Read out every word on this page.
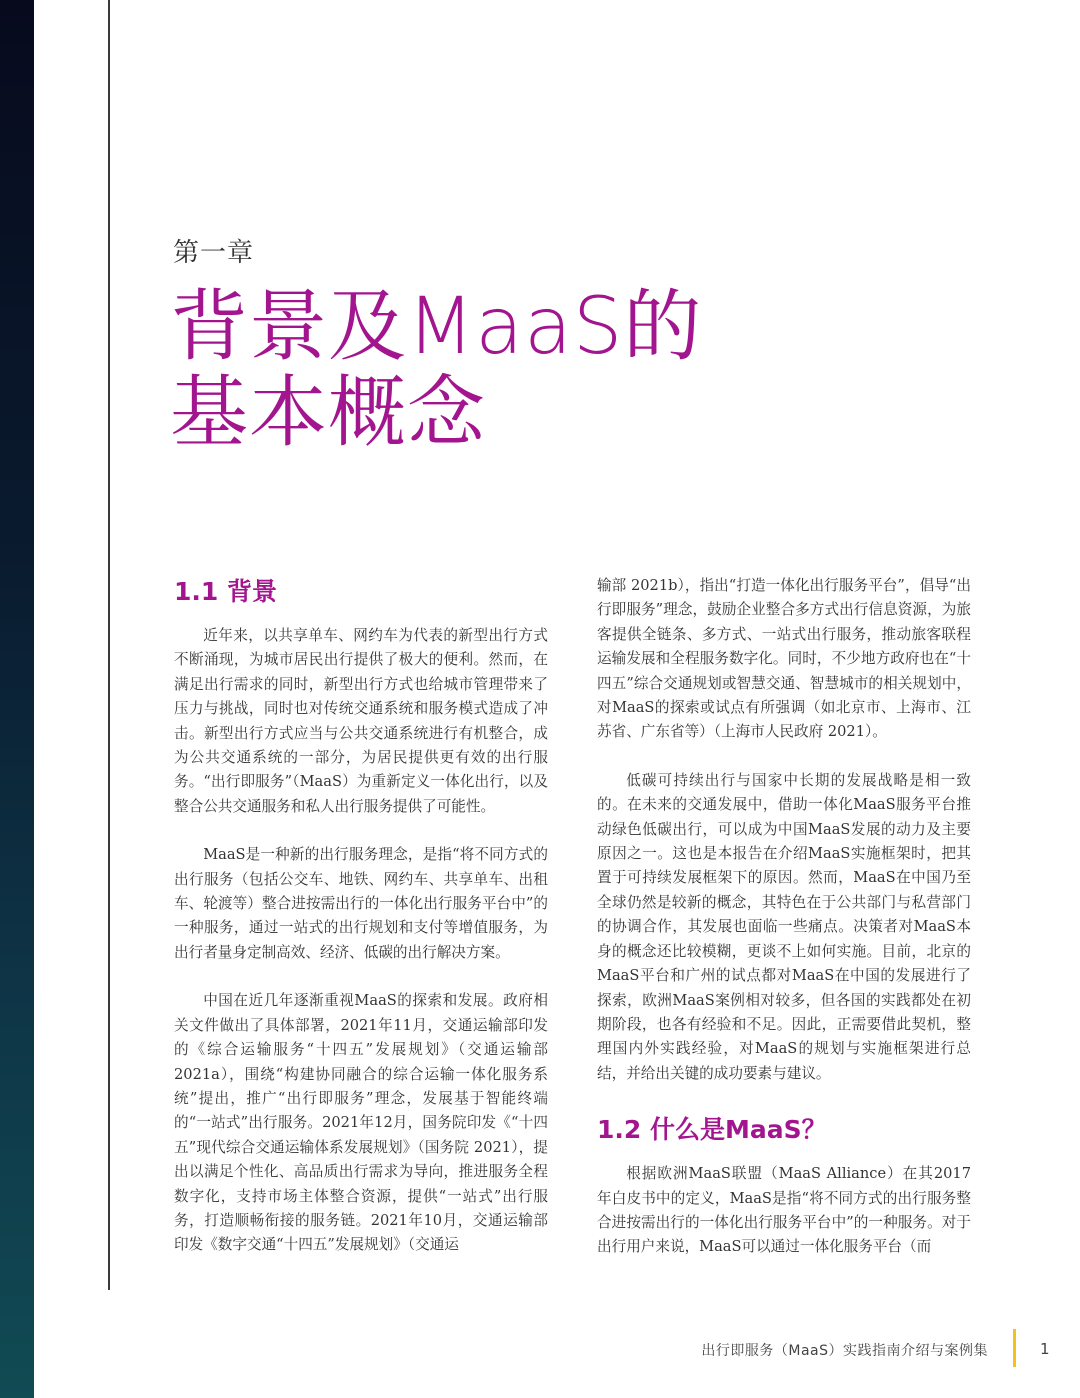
第一章
背景及MaaS的
基本概念
1.1 背景

近年来，以共享单车、网约车为代表的新型出行方式不断涌现，为城市居民出行提供了极大的便利。然而，在满足出行需求的同时，新型出行方式也给城市管理带来了压力与挑战，同时也对传统交通系统和服务模式造成了冲击。新型出行方式应当与公共交通系统进行有机整合，成为公共交通系统的一部分，为居民提供更有效的出行服务。“出行即服务”（MaaS）为重新定义一体化出行，以及整合公共交通服务和私人出行服务提供了可能性。

MaaS是一种新的出行服务理念，是指“将不同方式的出行服务（包括公交车、地铁、网约车、共享单车、出租车、轮渡等）整合进按需出行的一体化出行服务平台中”的一种服务，通过一站式的出行规划和支付等增值服务，为出行者量身定制高效、经济、低碳的出行解决方案。

中国在近几年逐渐重视MaaS的探索和发展。政府相关文件做出了具体部署，2021年11月，交通运输部印发的《综合运输服务“十四五”发展规划》（交通运输部 2021a），围绕“构建协同融合的综合运输一体化服务系统”提出，推广“出行即服务”理念，发展基于智能终端的“一站式”出行服务。2021年12月，国务院印发《“十四五”现代综合交通运输体系发展规划》（国务院 2021），提出以满足个性化、高品质出行需求为导向，推进服务全程数字化，支持市场主体整合资源，提供“一站式”出行服务，打造顺畅衔接的服务链。2021年10月，交通运输部印发《数字交通“十四五”发展规划》（交通运

输部 2021b），指出“打造一体化出行服务平台”，倡导“出行即服务”理念，鼓励企业整合多方式出行信息资源，为旅客提供全链条、多方式、一站式出行服务，推动旅客联程运输发展和全程服务数字化。同时，不少地方政府也在“十四五”综合交通规划或智慧交通、智慧城市的相关规划中，对MaaS的探索或试点有所强调（如北京市、上海市、江苏省、广东省等）（上海市人民政府 2021）。

低碳可持续出行与国家中长期的发展战略是相一致的。在未来的交通发展中，借助一体化MaaS服务平台推动绿色低碳出行，可以成为中国MaaS发展的动力及主要原因之一。这也是本报告在介绍MaaS实施框架时，把其置于可持续发展框架下的原因。然而，MaaS在中国乃至全球仍然是较新的概念，其特色在于公共部门与私营部门的协调合作，其发展也面临一些痛点。决策者对MaaS本身的概念还比较模糊，更谈不上如何实施。目前，北京的MaaS平台和广州的试点都对MaaS在中国的发展进行了探索，欧洲MaaS案例相对较多，但各国的实践都处在初期阶段，也各有经验和不足。因此，正需要借此契机，整理国内外实践经验，对MaaS的规划与实施框架进行总结，并给出关键的成功要素与建议。

1.2 什么是MaaS？

根据欧洲MaaS联盟（MaaS Alliance）在其2017年白皮书中的定义，MaaS是指“将不同方式的出行服务整合进按需出行的一体化出行服务平台中”的一种服务。对于出行用户来说，MaaS可以通过一体化服务平台（而

出行即服务（MaaS）实践指南介绍与案例集	1
